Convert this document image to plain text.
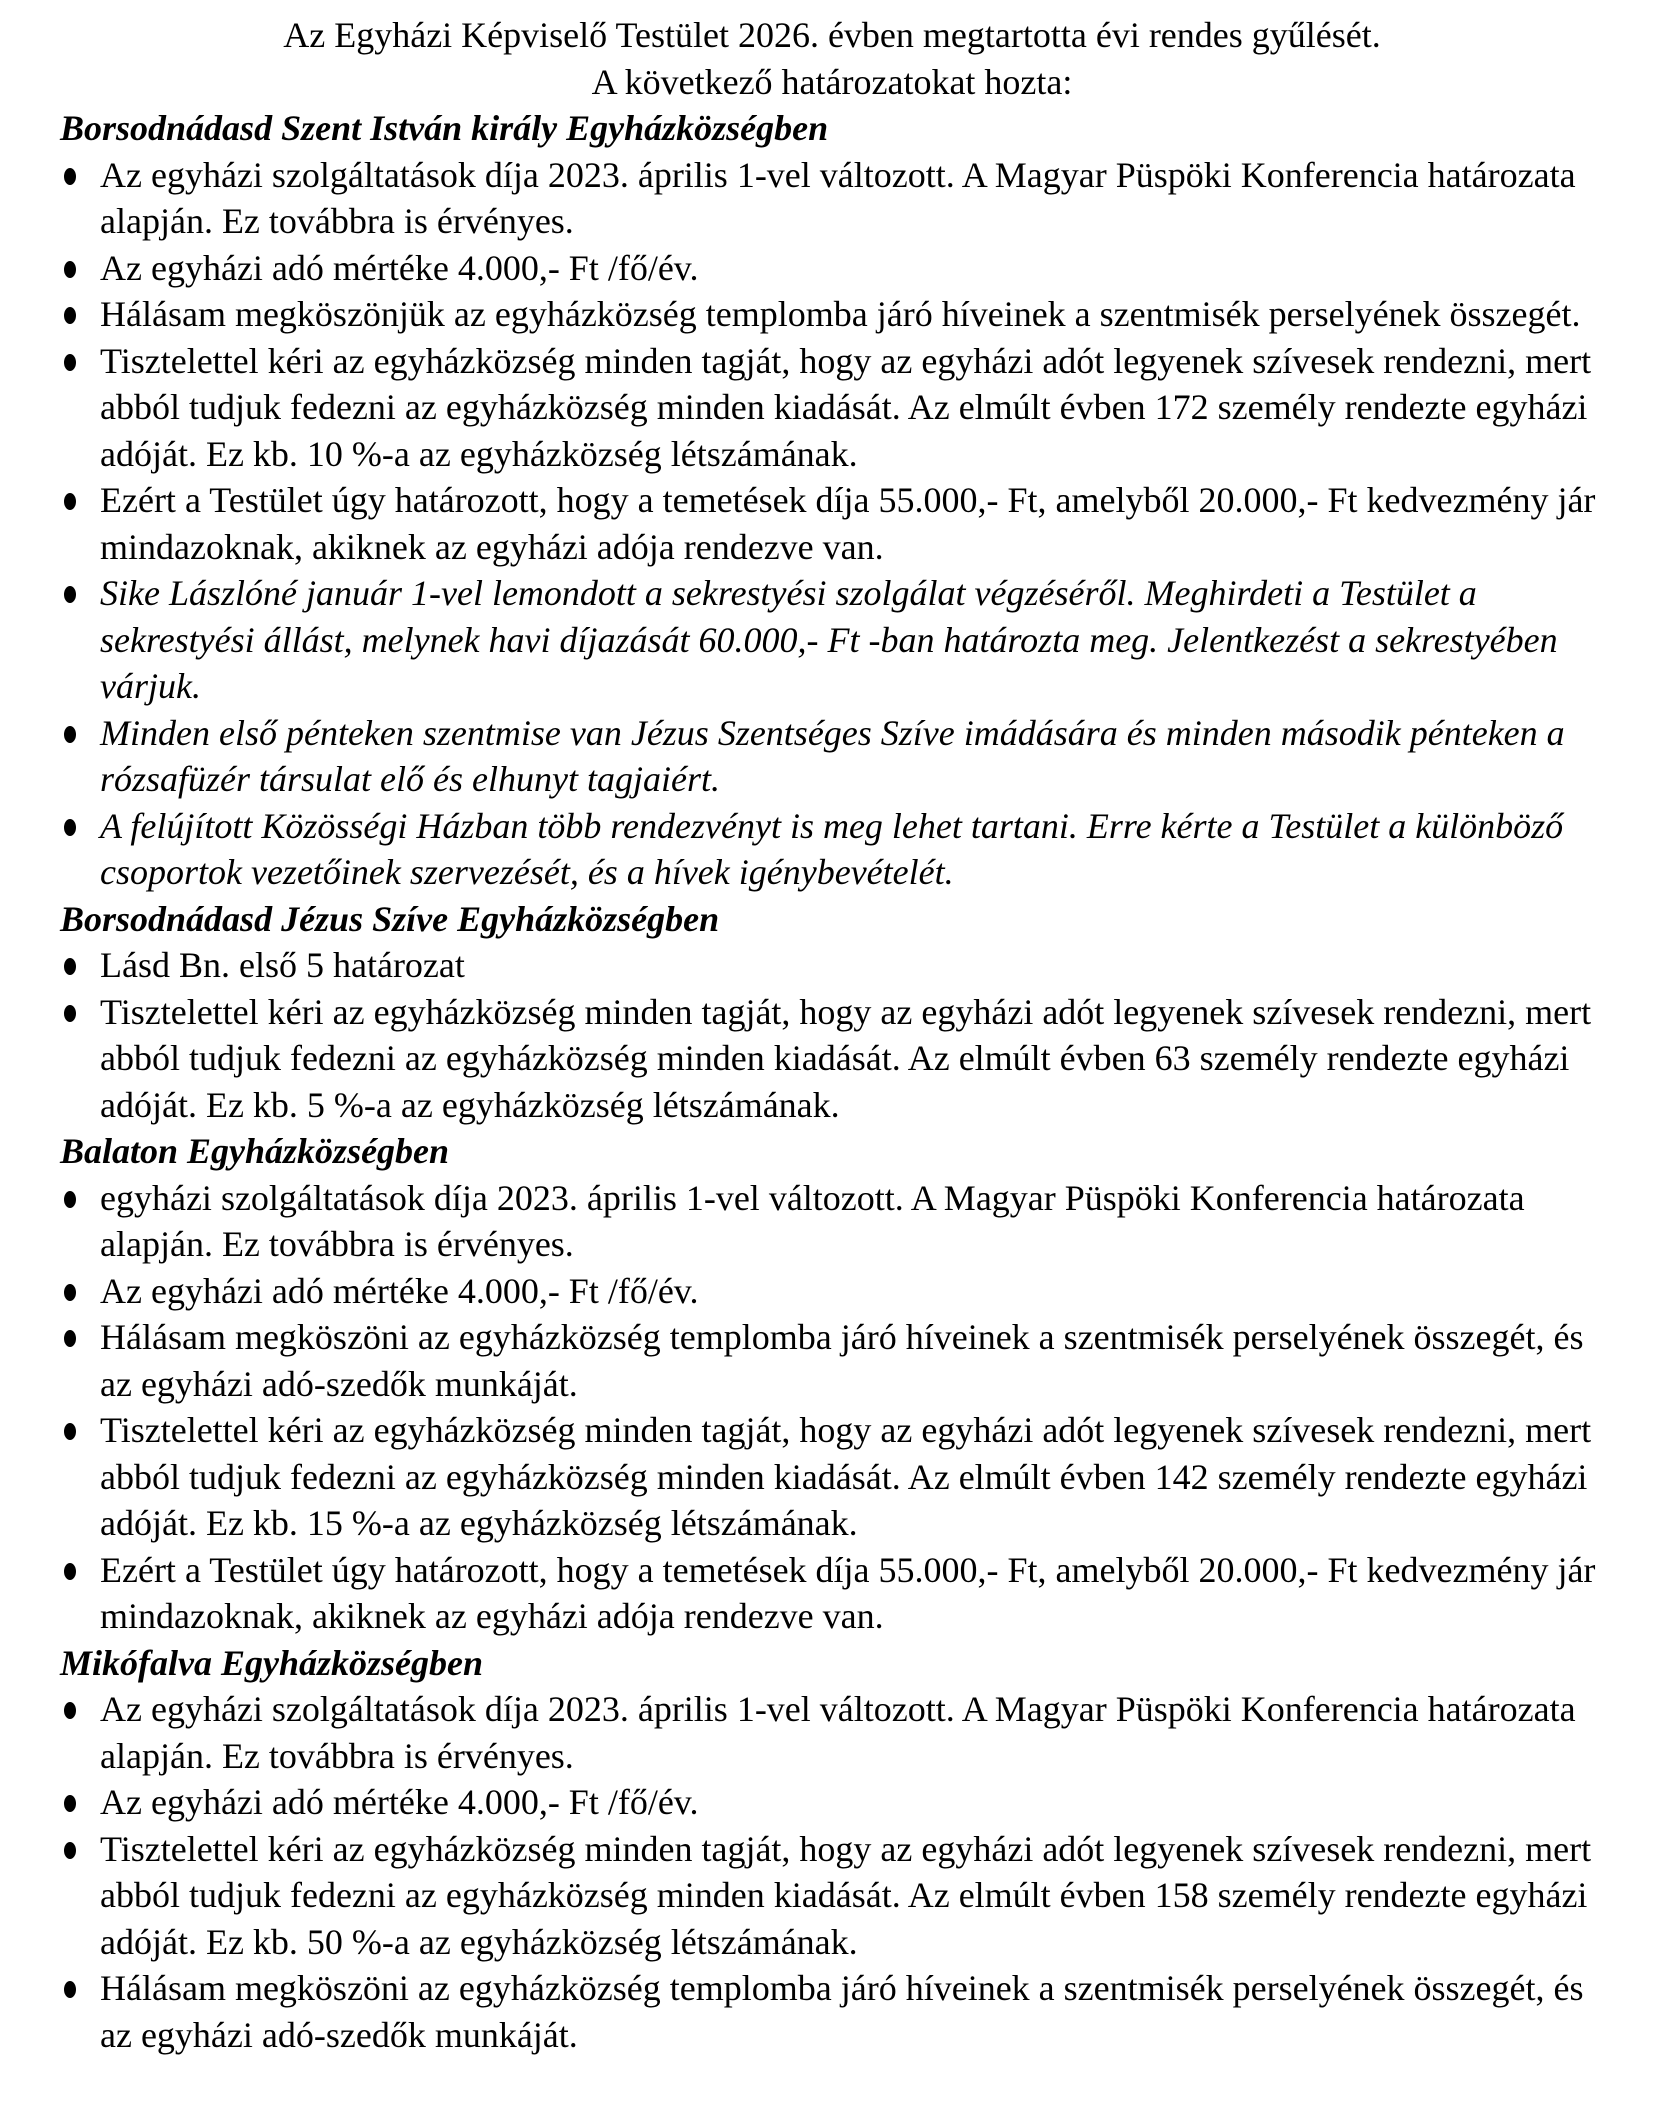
Az Egyházi Képviselő Testület 2026. évben megtartotta évi rendes gyűlését.
A következő határozatokat hozta:
Borsodnádasd Szent István király Egyházközségben
Az egyházi szolgáltatások díja 2023. április 1-vel változott. A Magyar Püspöki Konferencia határozata alapján. Ez továbbra is érvényes.
Az egyházi adó mértéke 4.000,- Ft /fő/év.
Hálásam megköszönjük az egyházközség templomba járó híveinek a szentmisék perselyének összegét.
Tisztelettel kéri az egyházközség minden tagját, hogy az egyházi adót legyenek szívesek rendezni, mert abból tudjuk fedezni az egyházközség minden kiadását. Az elmúlt évben 172 személy rendezte egyházi adóját. Ez kb. 10 %-a az egyházközség létszámának.
Ezért a Testület úgy határozott, hogy a temetések díja 55.000,- Ft, amelyből 20.000,- Ft kedvezmény jár mindazoknak, akiknek az egyházi adója rendezve van.
Sike Lászlóné január 1-vel lemondott a sekrestyési szolgálat végzéséről. Meghirdeti a Testület a sekrestyési állást, melynek havi díjazását 60.000,- Ft -ban határozta meg. Jelentkezést a sekrestyében várjuk.
Minden első pénteken szentmise van Jézus Szentséges Szíve imádására és minden második pénteken a rózsafüzér társulat elő és elhunyt tagjaiért.
A felújított Közösségi Házban több rendezvényt is meg lehet tartani. Erre kérte a Testület a különböző csoportok vezetőinek szervezését, és a hívek igénybevételét.
Borsodnádasd Jézus Szíve Egyházközségben
Lásd Bn. első 5 határozat
Tisztelettel kéri az egyházközség minden tagját, hogy az egyházi adót legyenek szívesek rendezni, mert abból tudjuk fedezni az egyházközség minden kiadását. Az elmúlt évben 63 személy rendezte egyházi adóját. Ez kb. 5 %-a az egyházközség létszámának.
Balaton Egyházközségben
egyházi szolgáltatások díja 2023. április 1-vel változott. A Magyar Püspöki Konferencia határozata alapján. Ez továbbra is érvényes.
Az egyházi adó mértéke 4.000,- Ft /fő/év.
Hálásam megköszöni az egyházközség templomba járó híveinek a szentmisék perselyének összegét, és az egyházi adó-szedők munkáját.
Tisztelettel kéri az egyházközség minden tagját, hogy az egyházi adót legyenek szívesek rendezni, mert abból tudjuk fedezni az egyházközség minden kiadását. Az elmúlt évben 142 személy rendezte egyházi adóját. Ez kb. 15 %-a az egyházközség létszámának.
Ezért a Testület úgy határozott, hogy a temetések díja 55.000,- Ft, amelyből 20.000,- Ft kedvezmény jár mindazoknak, akiknek az egyházi adója rendezve van.
Mikófalva Egyházközségben
Az egyházi szolgáltatások díja 2023. április 1-vel változott. A Magyar Püspöki Konferencia határozata alapján. Ez továbbra is érvényes.
Az egyházi adó mértéke 4.000,- Ft /fő/év.
Tisztelettel kéri az egyházközség minden tagját, hogy az egyházi adót legyenek szívesek rendezni, mert abból tudjuk fedezni az egyházközség minden kiadását. Az elmúlt évben 158 személy rendezte egyházi adóját. Ez kb. 50 %-a az egyházközség létszámának.
Hálásam megköszöni az egyházközség templomba járó híveinek a szentmisék perselyének összegét, és az egyházi adó-szedők munkáját.
